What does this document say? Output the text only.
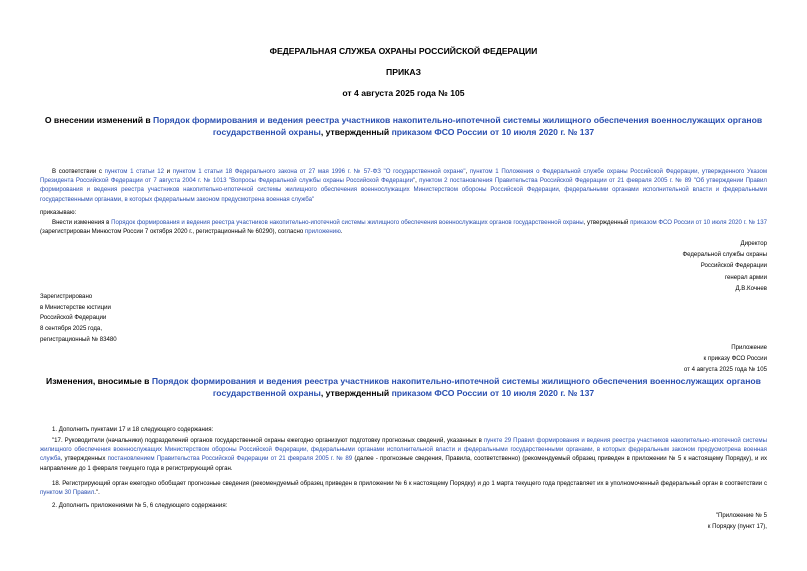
ФЕДЕРАЛЬНАЯ СЛУЖБА ОХРАНЫ РОССИЙСКОЙ ФЕДЕРАЦИИ
ПРИКАЗ
от 4 августа 2025 года № 105
О внесении изменений в Порядок формирования и ведения реестра участников накопительно-ипотечной системы жилищного обеспечения военнослужащих органов государственной охраны, утвержденный приказом ФСО России от 10 июля 2020 г. № 137
В соответствии с пунктом 1 статьи 12 и пунктом 1 статьи 18 Федерального закона от 27 мая 1996 г. № 57-ФЗ "О государственной охране", пунктом 1 Положения о Федеральной службе охраны Российской Федерации, утвержденного Указом Президента Российской Федерации от 7 августа 2004 г. № 1013 "Вопросы Федеральной службы охраны Российской Федерации", пунктом 2 постановления Правительства Российской Федерации от 21 февраля 2005 г. № 89 "Об утверждении Правил формирования и ведения реестра участников накопительно-ипотечной системы жилищного обеспечения военнослужащих Министерством обороны Российской Федерации, федеральными органами исполнительной власти и федеральными государственными органами, в которых федеральным законом предусмотрена военная служба"
приказываю:
Внести изменения в Порядок формирования и ведения реестра участников накопительно-ипотечной системы жилищного обеспечения военнослужащих органов государственной охраны, утвержденный приказом ФСО России от 10 июля 2020 г. № 137 (зарегистрирован Минюстом России 7 октября 2020 г., регистрационный № 60290), согласно приложению.
Директор
Федеральной службы охраны
Российской Федерации
генерал армии
Д.В.Кочнев
Зарегистрировано
в Министерстве юстиции
Российской Федерации
8 сентября 2025 года,
регистрационный № 83480
Приложение
к приказу ФСО России
от 4 августа 2025 года № 105
Изменения, вносимые в Порядок формирования и ведения реестра участников накопительно-ипотечной системы жилищного обеспечения военнослужащих органов государственной охраны, утвержденный приказом ФСО России от 10 июля 2020 г. № 137
1. Дополнить пунктами 17 и 18 следующего содержания:
"17. Руководители (начальники) подразделений органов государственной охраны ежегодно организуют подготовку прогнозных сведений, указанных в пункте 29 Правил формирования и ведения реестра участников накопительно-ипотечной системы жилищного обеспечения военнослужащих Министерством обороны Российской Федерации, федеральными органами исполнительной власти и федеральными государственными органами, в которых федеральным законом предусмотрена военная служба, утвержденных постановлением Правительства Российской Федерации от 21 февраля 2005 г. № 89 (далее - прогнозные сведения, Правила, соответственно) (рекомендуемый образец приведен в приложении № 5 к настоящему Порядку), и их направление до 1 февраля текущего года в регистрирующий орган.
18. Регистрирующий орган ежегодно обобщает прогнозные сведения (рекомендуемый образец приведен в приложении № 6 к настоящему Порядку) и до 1 марта текущего года представляет их в уполномоченный федеральный орган в соответствии с пунктом 30 Правил.".
2. Дополнить приложениями № 5, 6 следующего содержания:
"Приложение № 5
к Порядку (пункт 17),
